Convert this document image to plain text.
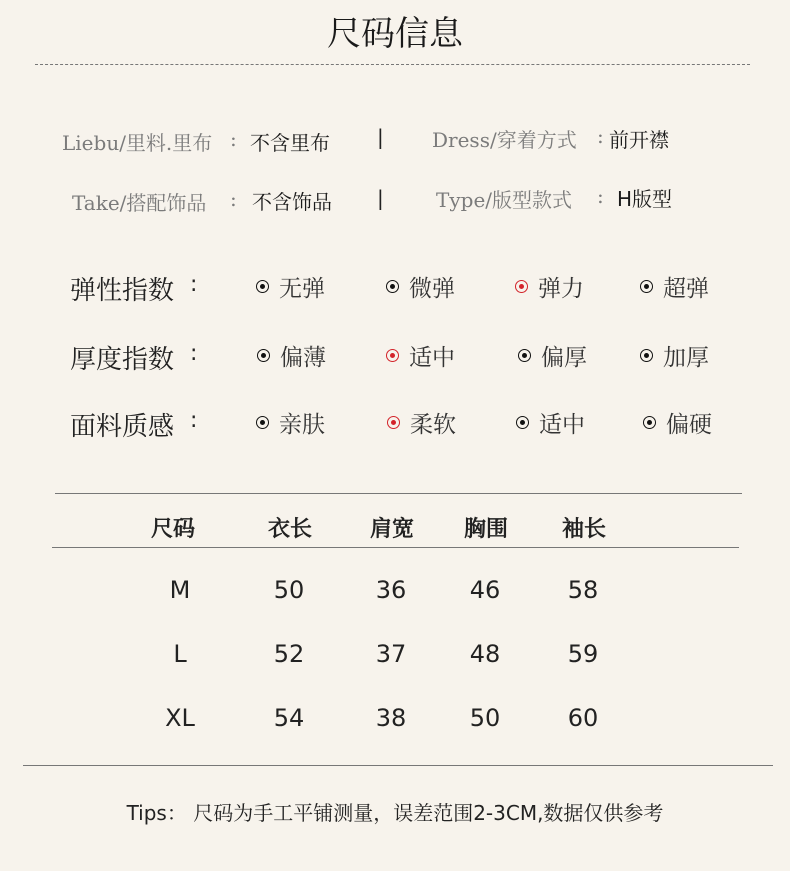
尺码信息
Liebu/里料.里布 : 不含里布 | Dress/穿着方式 : 前开襟
Take/搭配饰品 : 不含饰品 |	Type/版型款式 : H版型
弹性指数 :	无弹	微弹	弹力	超弹
厚度指数 :	偏薄	适中	偏厚	加厚
面料质感 :	亲肤	柔软	适中	偏硬
尺码	衣长	肩宽	胸围	袖长
M	50	36	46	58
L	52	37	48	59
XL	54	38	50	60
Tips： 尺码为手工平铺测量，误差范围2-3CM,数据仅供参考
